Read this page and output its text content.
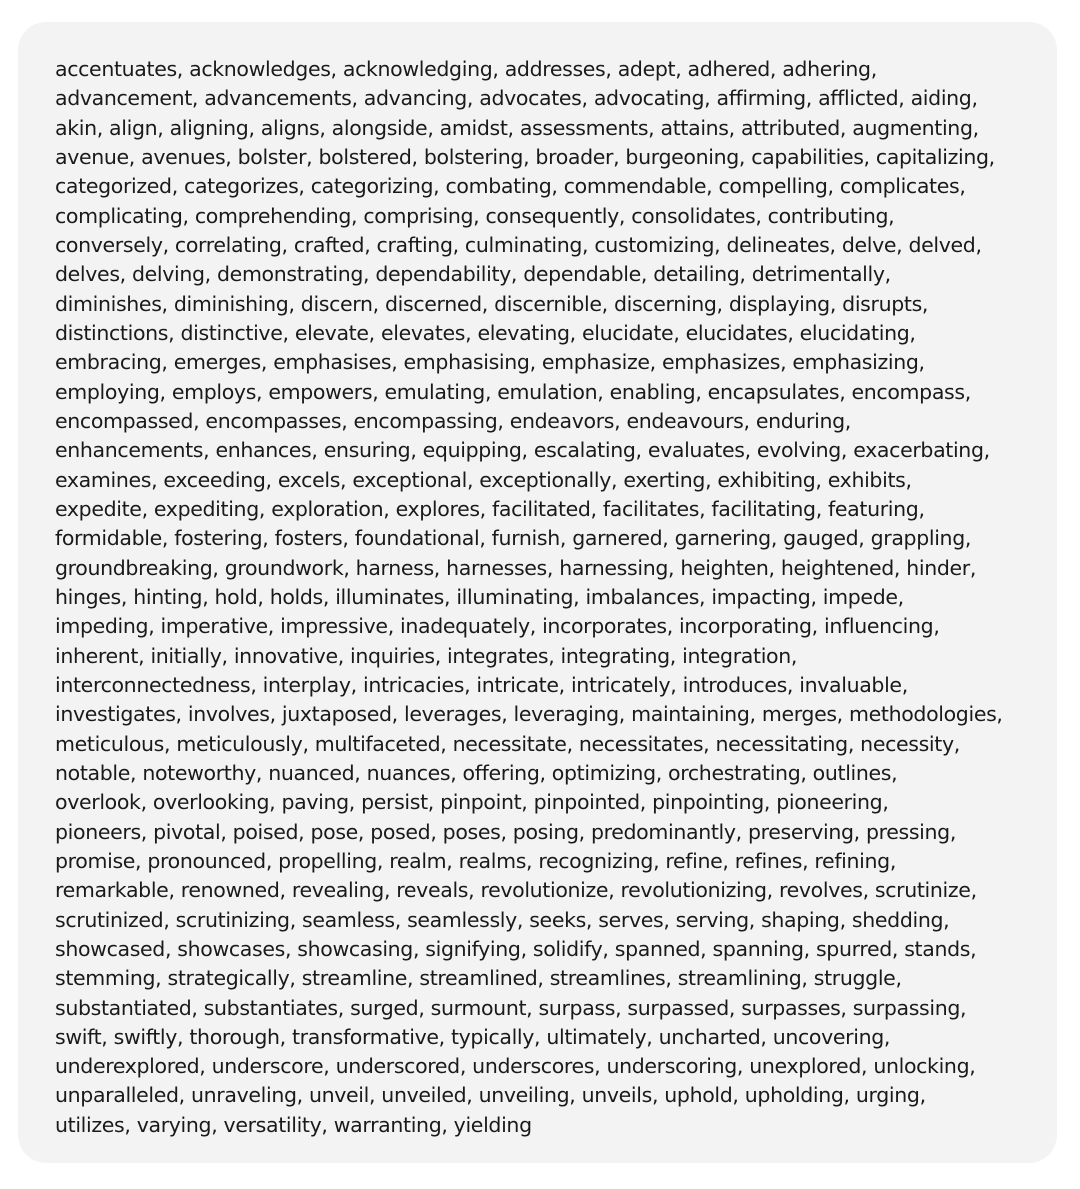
accentuates, acknowledges, acknowledging, addresses, adept, adhered, adhering,
advancement, advancements, advancing, advocates, advocating, affirming, afflicted, aiding,
akin, align, aligning, aligns, alongside, amidst, assessments, attains, attributed, augmenting,
avenue, avenues, bolster, bolstered, bolstering, broader, burgeoning, capabilities, capitalizing,
categorized, categorizes, categorizing, combating, commendable, compelling, complicates,
complicating, comprehending, comprising, consequently, consolidates, contributing,
conversely, correlating, crafted, crafting, culminating, customizing, delineates, delve, delved,
delves, delving, demonstrating, dependability, dependable, detailing, detrimentally,
diminishes, diminishing, discern, discerned, discernible, discerning, displaying, disrupts,
distinctions, distinctive, elevate, elevates, elevating, elucidate, elucidates, elucidating,
embracing, emerges, emphasises, emphasising, emphasize, emphasizes, emphasizing,
employing, employs, empowers, emulating, emulation, enabling, encapsulates, encompass,
encompassed, encompasses, encompassing, endeavors, endeavours, enduring,
enhancements, enhances, ensuring, equipping, escalating, evaluates, evolving, exacerbating,
examines, exceeding, excels, exceptional, exceptionally, exerting, exhibiting, exhibits,
expedite, expediting, exploration, explores, facilitated, facilitates, facilitating, featuring,
formidable, fostering, fosters, foundational, furnish, garnered, garnering, gauged, grappling,
groundbreaking, groundwork, harness, harnesses, harnessing, heighten, heightened, hinder,
hinges, hinting, hold, holds, illuminates, illuminating, imbalances, impacting, impede,
impeding, imperative, impressive, inadequately, incorporates, incorporating, influencing,
inherent, initially, innovative, inquiries, integrates, integrating, integration,
interconnectedness, interplay, intricacies, intricate, intricately, introduces, invaluable,
investigates, involves, juxtaposed, leverages, leveraging, maintaining, merges, methodologies,
meticulous, meticulously, multifaceted, necessitate, necessitates, necessitating, necessity,
notable, noteworthy, nuanced, nuances, offering, optimizing, orchestrating, outlines,
overlook, overlooking, paving, persist, pinpoint, pinpointed, pinpointing, pioneering,
pioneers, pivotal, poised, pose, posed, poses, posing, predominantly, preserving, pressing,
promise, pronounced, propelling, realm, realms, recognizing, refine, refines, refining,
remarkable, renowned, revealing, reveals, revolutionize, revolutionizing, revolves, scrutinize,
scrutinized, scrutinizing, seamless, seamlessly, seeks, serves, serving, shaping, shedding,
showcased, showcases, showcasing, signifying, solidify, spanned, spanning, spurred, stands,
stemming, strategically, streamline, streamlined, streamlines, streamlining, struggle,
substantiated, substantiates, surged, surmount, surpass, surpassed, surpasses, surpassing,
swift, swiftly, thorough, transformative, typically, ultimately, uncharted, uncovering,
underexplored, underscore, underscored, underscores, underscoring, unexplored, unlocking,
unparalleled, unraveling, unveil, unveiled, unveiling, unveils, uphold, upholding, urging,
utilizes, varying, versatility, warranting, yielding
